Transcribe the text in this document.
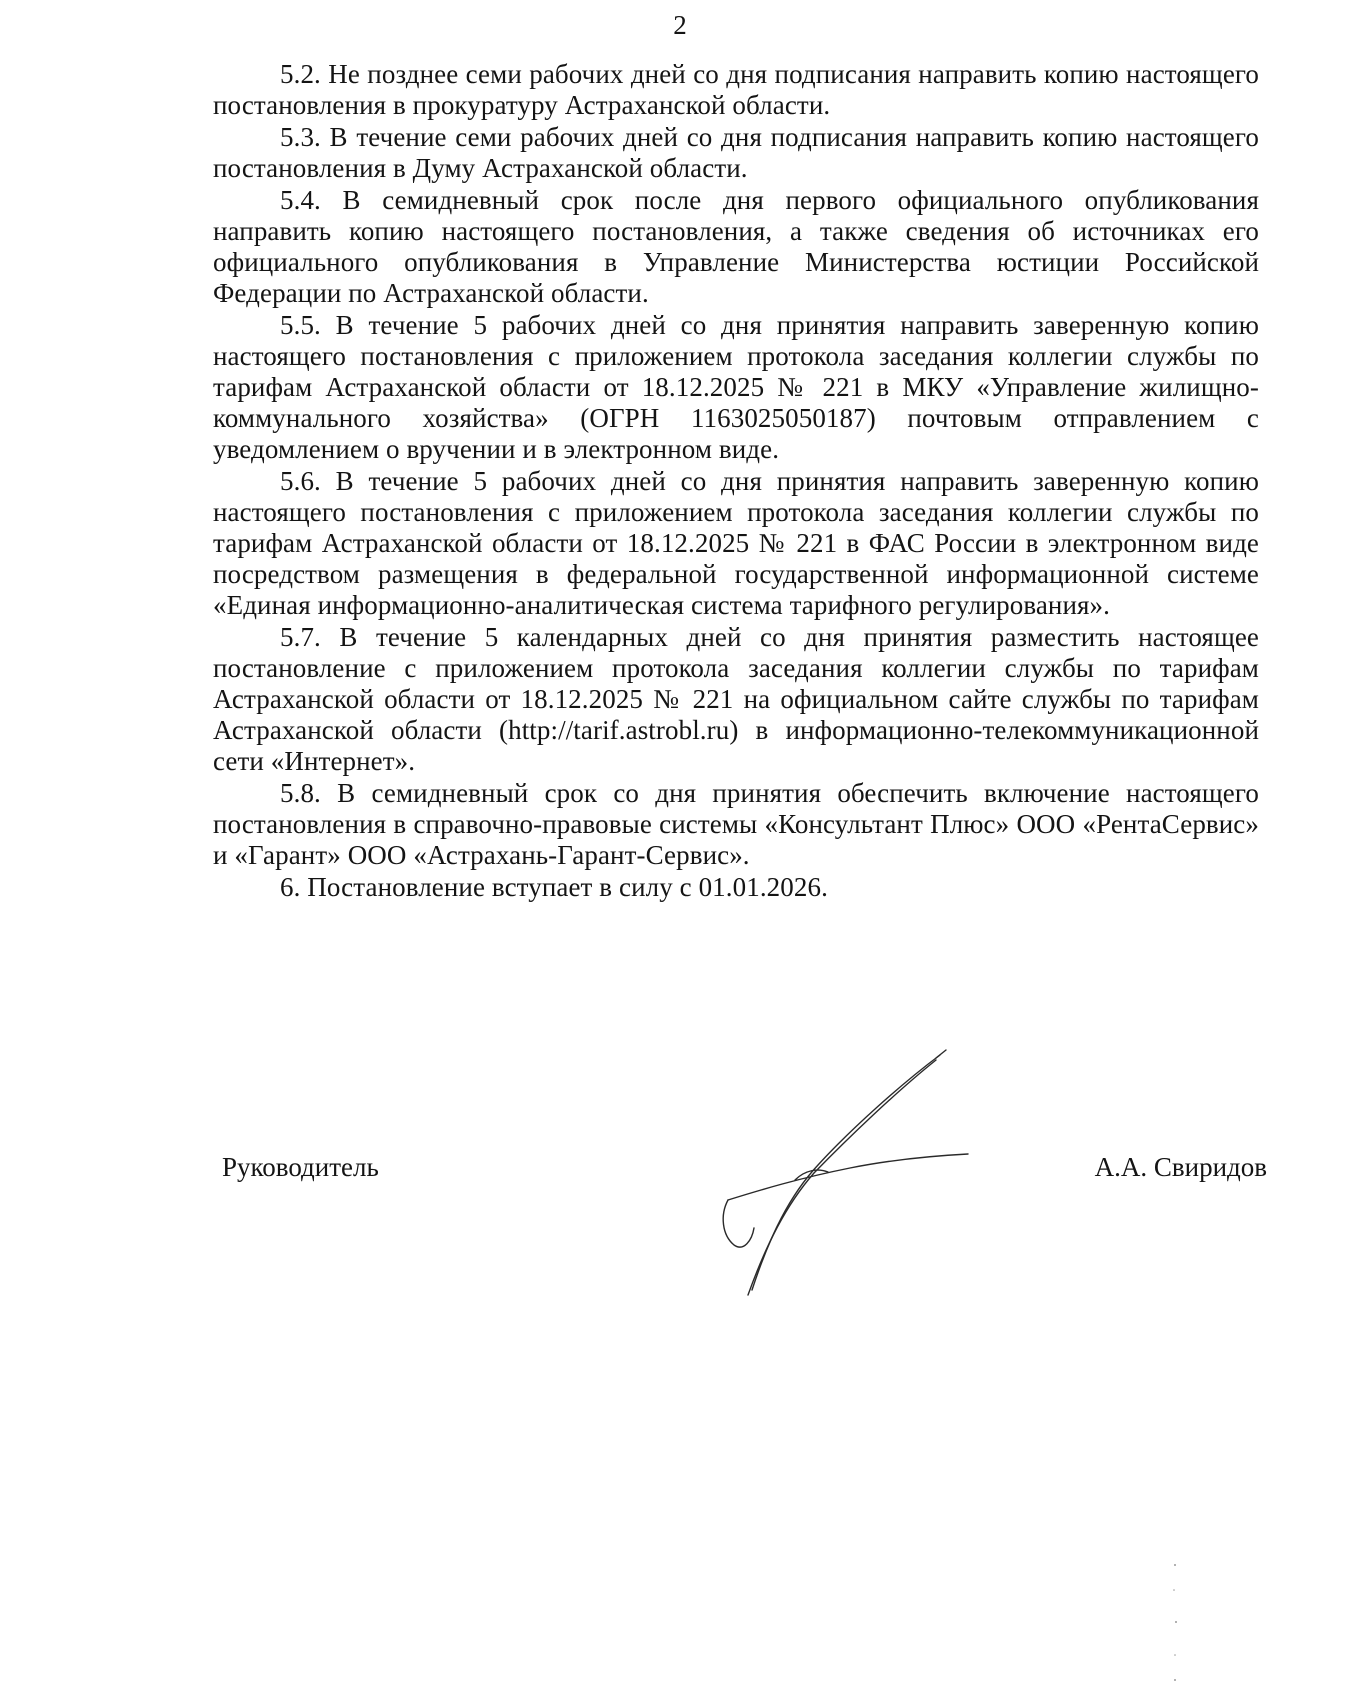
2

5.2. Не позднее семи рабочих дней со дня подписания направить копию настоящего постановления в прокуратуру Астраханской области.

5.3. В течение семи рабочих дней со дня подписания направить копию настоящего постановления в Думу Астраханской области.

5.4. В семидневный срок после дня первого официального опубликования направить копию настоящего постановления, а также сведения об источниках его официального опубликования в Управление Министерства юстиции Российской Федерации по Астраханской области.

5.5. В течение 5 рабочих дней со дня принятия направить заверенную копию настоящего постановления с приложением протокола заседания коллегии службы по тарифам Астраханской области от 18.12.2025 № 221 в МКУ «Управление жилищно-коммунального хозяйства» (ОГРН 1163025050187) почтовым отправлением с уведомлением о вручении и в электронном виде.

5.6. В течение 5 рабочих дней со дня принятия направить заверенную копию настоящего постановления с приложением протокола заседания коллегии службы по тарифам Астраханской области от 18.12.2025 № 221 в ФАС России в электронном виде посредством размещения в федеральной государственной информационной системе «Единая информационно-аналитическая система тарифного регулирования».

5.7. В течение 5 календарных дней со дня принятия разместить настоящее постановление с приложением протокола заседания коллегии службы по тарифам Астраханской области от 18.12.2025 № 221 на официальном сайте службы по тарифам Астраханской области (http://tarif.astrobl.ru) в информационно-телекоммуникационной сети «Интернет».

5.8. В семидневный срок со дня принятия обеспечить включение настоящего постановления в справочно-правовые системы «Консультант Плюс» ООО «РентаСервис» и «Гарант» ООО «Астрахань-Гарант-Сервис».

6. Постановление вступает в силу с 01.01.2026.

Руководитель	А.А. Свиридов
